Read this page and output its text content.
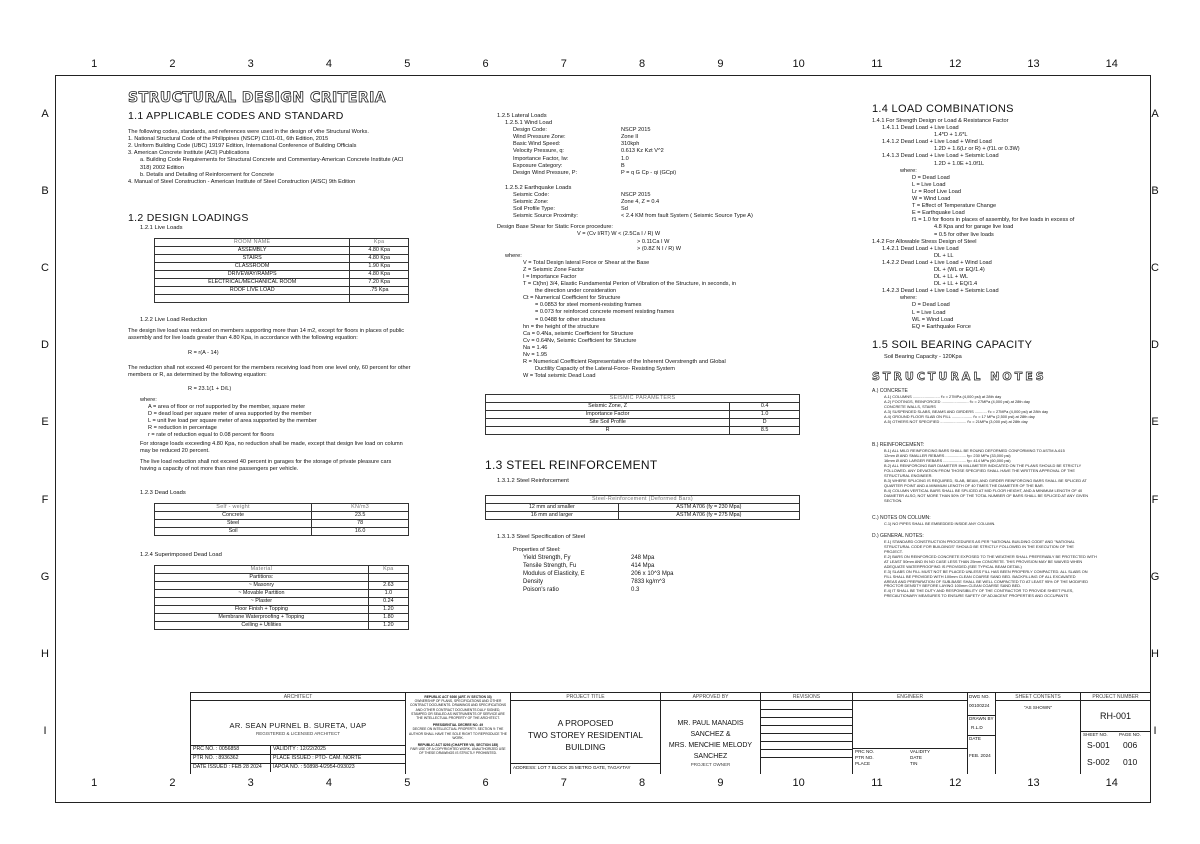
1	2	3	4	5	6	7	8	9	10	11	12	13	14
1	2	3	4	5	6	7	8	9	10	11	12	13	14
A
B
C
D
E
F
G
H
I
A
B
C
D
E
F
G
H
I
STRUCTURAL DESIGN CRITERIA
1.1 APPLICABLE CODES AND STANDARD

The following codes, standards, and references were used in the design of vthe Structural Works.

1. National Structural Code of the Philippines (NSCP) C101-01, 6th Edition, 2015

2. Uniform Building Code (UBC) 19197 Edition, International Conference of Building Officials

3. American Concrete Institute (ACI) Publications

a. Building Code Requirements for Structural Concrete and Commentary-American Concrete Institute (ACI 318) 2002 Edition

b. Details and Detailing of Reinforcement for Concrete

4. Manual of Steel Construction - American Institute of Steel Construction (AISC) 9th Edition

1.2 DESIGN LOADINGS

1.2.1 Live Loads

ROOM NAME	Kpa
ASSEMBLY	4.80 Kpa
STAIRS	4.80 Kpa
CLASSROOM	1.90 Kpa
DRIVEWAY/RAMPS	4.80 Kpa
ELECTRICAL/MECHANICAL ROOM	7.20 Kpa
ROOF LIVE LOAD	.75 Kpa

1.2.2 Live Load Reduction

The design live load was reduced on members supporting more than 14 m2, except for floors in places of public assembly and for live loads greater than 4.80 Kpa, in accordance with the following equation:

R = r(A - 14)

The reduction shall not exceed 40 percent for the members receiving load from one level only, 60 percent for other members or R, as determined by the following equation:

R = 23.1(1 + D/L)

where:

A = area of floor or rrof supported by the member, square meter

D = dead load per square meter of area supported by the member

L = unit live load per square meter of area supported by the member

R = reduction in percentage

r = rate of reduction equal to 0.08 percent for floors

For storage loads exceeding 4.80 Kpa, no reduction shall be made, except that design live load on column may be reduced 20 percent.

The live load reduction shall not exceed 40 percent in garages for the storage of private pleasure cars having a capacity of not more than nine passengers per vehicle.

1.2.3 Dead Loads

Self - weight	KN/m3
Concrete	23.5
Steel	78
Soil	16.0

1.2.4 Superimposed Dead Load

Material	Kpa
Partitions:	
~ Masonry	2.63
~ Movable Partition	1.0
~ Plaster	0.24
Floor Finish + Topping	1.20
Membrane Waterproofing + Topping	1.80
Ceiling + Utilities	1.20

1.2.5 Lateral Loads

1.2.5.1 Wind Load

Design Code:	NSCP 2015
Wind Pressure Zone:	Zone II
Basic Wind Speed:	310kph
Velocity Pressure, q:	0.613 Kz Kzt V^2
Importance Factor, Iw:	1.0
Exposure Category:	B
Design Wind Pressure, P:	P = q G Cp - qi (GCpi)

1.2.5.2 Earthquake Loads

Seismic Code:	NSCP 2015
Seismic Zone:	Zone 4, Z = 0.4
Soil Profile Type:	Sd
Seismic Source Proximity:	< 2.4 KM from fault System ( Seismic Source Type A)

Design Base Shear for Static Force procedure:

V = (Cv I/RT) W < (2.5Ca I / R) W

> 0.11Ca I W

> (0.8Z N I / R) W

where:

V = Total Design lateral Force or Shear at the Base

Z = Seismic Zone Factor

I = Importance Factor

T = Ct(hn) 3/4, Elastic Fundamental Perion of Vibration of the Structure, in seconds, in

the direction under consideration

Ct = Numerical Coefficient for Structure

= 0.0853 for steel moment-resisting frames

= 0.073 for reinforced concrete moment resisting frames

= 0.0488 for other structures

hn = the height of the structure

Ca = 0.4Na, seismic Coefficient for Structure

Cv = 0.64Nv, Seismic Coefficient for Structure

Na = 1.46

Nv = 1.95

R = Numerical Coefficient Representative of the Inherent Overstrength and Global

Ductility Capacity of the Lateral-Force- Resisting System

W = Total seismic Dead Load

SEISMIC PARAMETERS	
Seismic Zone, Z	0.4
Importance Factor	1.0
Site Soil Profile	D
R	8.5
1.3 STEEL REINFORCEMENT

1.3.1.2 Steel Reinforcement

Steel-Reinforcement (Deformed Bars)	
12 mm and smaller	ASTM A706 (fy = 230 Mpa)
16 mm and larger	ASTM A706 (fy = 275 Mpa)

1.3.1.3 Steel Specification of Steel

Properties of Steel:

Yield Strength, Fy	248 Mpa
Tensile Strength, Fu	414 Mpa
Modulus of Elasticity, E	206 x 10^3 Mpa
Density	7833 kg/m^3
Poison's ratio	0.3
1.4 LOAD COMBINATIONS

1.4.1 For Strength Design or Load & Resistance Factor

1.4.1.1 Dead Load + Live Load

1.4*D + 1.6*L

1.4.1.2 Dead Load + Live Load + Wind Load

1.2D + 1.6(Lr or R) + (f1L or 0.3W)

1.4.1.3 Dead Load + Live Load + Seismic Load

1.2D + 1.0E +1.0f1L

where:

D = Dead Load

L = Live Load

Lr = Roof Live Load

W = Wind Load

T = Effect of Temperature Change

E = Earthquake Load

f1 = 1.0 for floors in places of assembly, for live loads in excess of

4.8 Kpa and for garage live load

= 0.5 for other live loads

1.4.2 For Allowable Stress Design of Steel

1.4.2.1 Dead Load + Live Load

DL + LL

1.4.2.2 Dead Load + Live Load + Wind Load

DL + (WL or EQ/1.4)

DL + LL + WL

DL + LL + EQ/1.4

1.4.2.3 Dead Load + Live Load + Seismic Load

where:

D = Dead Load

L = Live Load

WL = Wind Load

EQ = Earthquake Force

1.5 SOIL BEARING CAPACITY

Soil Bearing Capacity - 120Kpa

STRUCTURAL NOTES

A.) CONCRETE

A.1) COLUMNS ......................... f'c = 27MPa (4,000 psi) at 28th day

A.2) FOOTINGS, REINFORCED ......................... f'c = 27MPa (4,000 psi) at 28th day

CONCRETE WALLS, STAIRS

A.3) SUSPENDED SLABS, BEAMS AND GIRDERS ........... f'c = 27MPa (4,000 psi) at 28th day

A.4) GROUND FLOOR SLAB ON FILL ................... f'c = 17 MPa (2,500 psi) at 28th day

A.5) OTHERS NOT SPECIFIED ........................ f'c = 21MPa (3,000 psi) at 28th day

B.) REINFORCEMENT:

B.1) ALL MILD REINFORCING BARS SHALL BE ROUND DEFORMED CONFORMING TO ASTM A-615

12mm Ø AND SMALLER REBARS ................... fy= 230 MPa (33,000 psi)

16mm Ø AND LARGER REBARS ..................... fy= 414 MPa (60,000 psi)

B.2) ALL REINFORCING BAR DIAMETER IN MILLIMETER INDICATED ON THE PLANS SHOULD BE STRICTLY

FOLLOWED. ANY DEVIATION FROM THOSE SPECIFIED SHALL HAVE THE WRITTEN APPROVAL OF THE

STRUCTURAL ENGINEER.

B.3) WHERE SPLICING IS REQUIRED, SLAB, BEAM, AND GIRDER REINFORCING BARS SHALL BE SPLICED AT

QUARTER POINT AND A MINIMUM LENGTH OF 40 TIMES THE DIAMETER OF THE BAR.

B.4) COLUMN VERTICAL BARS SHALL BE SPLICED AT MID FLOOR HEIGHT, AND A MINIMUM LENGTH OF 40

DIAMETER ALSO, NOT MORE THAN 50% OF THE TOTAL NUMBER OF BARS SHALL BE SPLICED AT ANY GIVEN

SECTION.

C.) NOTES ON COLUMN:

C.1) NO PIPES SHALL BE EMBEDDED INSIDE ANY COLUMN.

D.) GENERAL NOTES:

E.1) STANDARD CONSTRUCTION PROCEDURES AS PER "NATIONAL BUILDING CODE" AND "NATIONAL

STRUCTURAL CODE FOR BUILDINGS" SHOULD BE STRICTLY FOLLOWED IN THE EXECUTION OF THE

PROJECT.

E.2) BARS ON REINFORCED CONCRETE EXPOSED TO THE WEATHER SHALL PREFERABLY BE PROTECTED WITH

AT LEAST 50mm AND IN NO CASE LESS THAN 25mm CONCRETE. THIS PROVISION MAY BE WAIVED WHEN

ADEQUATE WATERPROOFING IS PROVIDED.(SEE TYPICAL BEAM DETAIL)

E.3) SLABS ON FILL MUST NOT BE PLACED UNLESS FILL HAS BEEN PROPERLY COMPACTED. ALL SLABS ON

FILL SHALL BE PROVIDED WITH 100mm CLEAN COARSE SAND BED. BACKFILLING OF ALL EXCAVATED

AREAS AND PREPARATION OF SUB-BASE SHALL BE WELL COMPACTED TO AT LEAST 95% OF THE MODIFIED

PROCTOR DENSITY BEFORE LAYING 100mm CLEAN COARSE SAND BED.

E.4) IT SHALL BE THE DUTY AND RESPONSIBILITY OF THE CONTRACTOR TO PROVIDE SHEET PILES,

PRECAUTIONARY MEASURES TO ENSURE SAFETY OF ADJACENT PROPERTIES AND OCCUPANTS

ARCHITECT
AR. SEAN PURNEL B. SURETA, UAP
REGISTERED & LICENSED ARCHITECT
PRC NO. : 0056858	VALIDITY : 12/22/2025
PTR NO. : 8936362	PLACE ISSUED : PTO- CAM. NORTE
DATE ISSUED : FEB 28 2024	IAPOA NO. : 50898-4/2954-093023

REPUBLIC ACT 9266 (ART. IV SECTION 33)

OWNERSHIP OF PLANS, SPECIFICATIONS AND OTHER CONTRACT DOCUMENTS. DRAWINGS AND SPECIFICATIONS AND OTHER CONTRACT DOCUMENTS DULY SIGNED, STAMPED OR SEALED AS INSTRUMENTS OF SERVICE ARE THE INTELLECTUAL PROPERTY OF THE ARCHITECT.

PRESIDENTIAL DECREE NO. 49

DECREE ON INTELLECTUAL PROPERTY. SECTION 9: THE AUTHOR SHALL HAVE THE SOLE RIGHT TO REPRODUCE THE WORK.

REPUBLIC ACT 8293 (CHAPTER VIII, SECTION 185)

FAIR USE OF A COPYRIGHTED WORK. UNAUTHORIZED USE OF THESE DRAWINGS IS STRICTLY PROHIBITED.

PROJECT TITLE
A PROPOSED
TWO STOREY RESIDENTIAL BUILDING
ADDRESS: LOT 7 BLOCK 25 METRO GATE, TAGAYTAY
APPROVED BY
MR. PAUL MANADIS SANCHEZ &
MRS. MENCHIE MELODY SANCHEZ
PROJECT OWNER
REVISIONS	ENGINEER
PRC NO.	VALIDITY
PTR NO.	DATE
PLACE	TIN
DWG NO.
00100224
DRAWN BY
R.L.D
DATE
FEB. 2024
SHEET CONTENTS
"AS SHOWN"
PROJECT NUMBER
RH-001
SHEET NO. PAGE NO.
S-001 006
S-002 010
